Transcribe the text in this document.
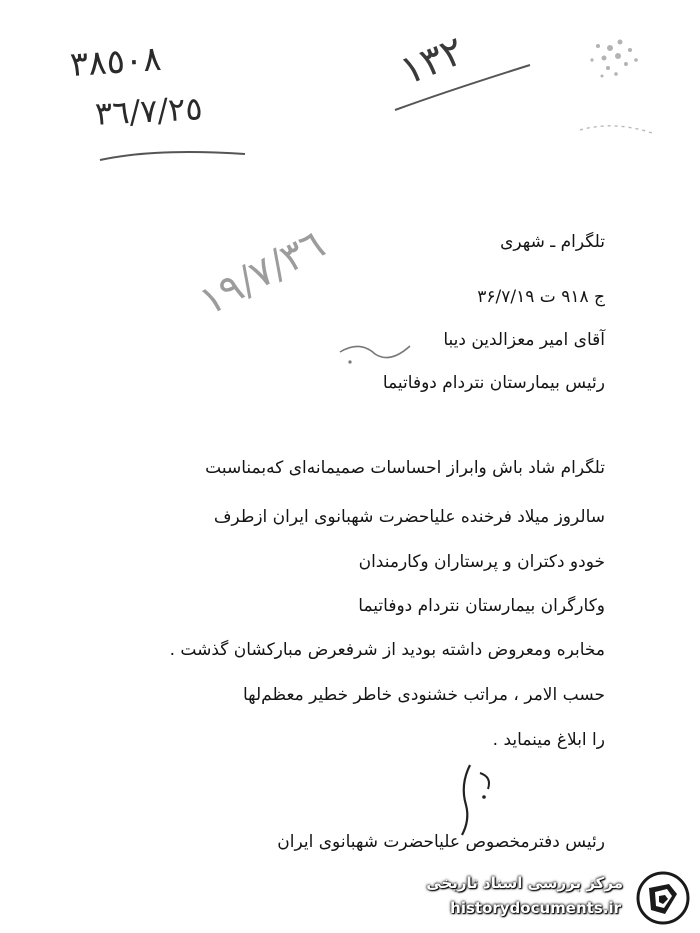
٣٨٥٠٨
٣٦/٧/٢٥
١٣٢
١٩/٧/٣٦	تلگرام ـ شهری
ج ۹۱۸ ت ۳۶/۷/۱۹
آقای امیر معزالدین دیبا
رئیس بیمارستان نتردام دوفاتیما
تلگرام شاد باش وابراز احساسات صمیمانه‌ای که‌بمناسبت
سالروز میلاد فرخنده علیاحضرت شهبانوی ایران ازطرف
خودو دکتران و پرستاران وکارمندان
وکارگران بیمارستان نتردام دوفاتیما
مخابره ومعروض داشته بودید از شرفعرض مبارکشان گذشت .
حسب الامر ، مراتب خشنودی خاطر خطیر معظم‌لها
را ابلاغ مینماید .
رئیس دفترمخصوص علیاحضرت شهبانوی ایران
مرکز بررسی اسناد تاریخی
historydocuments.ir
